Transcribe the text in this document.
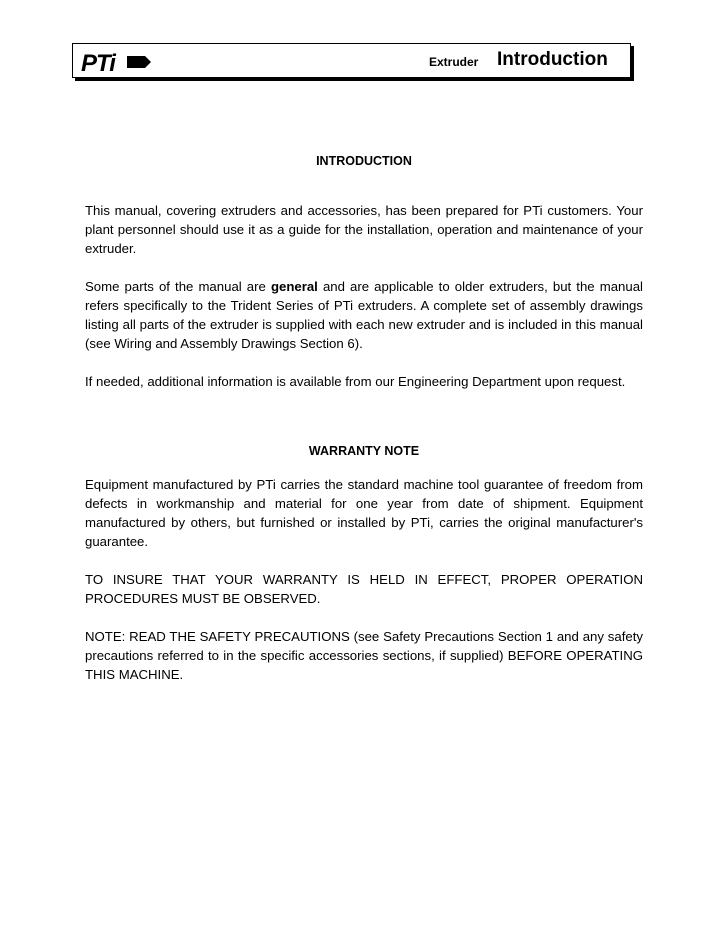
PTi	Extruder Introduction
INTRODUCTION

This manual, covering extruders and accessories, has been prepared for PTi customers. Your plant personnel should use it as a guide for the installation, operation and maintenance of your extruder.

Some parts of the manual are general and are applicable to older extruders, but the manual refers specifically to the Trident Series of PTi extruders. A complete set of assembly drawings listing all parts of the extruder is supplied with each new extruder and is included in this manual (see Wiring and Assembly Drawings Section 6).

If needed, additional information is available from our Engineering Department upon request.

WARRANTY NOTE

Equipment manufactured by PTi carries the standard machine tool guarantee of freedom from defects in workmanship and material for one year from date of shipment. Equipment manufactured by others, but furnished or installed by PTi, carries the original manufacturer's guarantee.

TO INSURE THAT YOUR WARRANTY IS HELD IN EFFECT, PROPER OPERATION PROCEDURES MUST BE OBSERVED.

NOTE: READ THE SAFETY PRECAUTIONS (see Safety Precautions Section 1 and any safety precautions referred to in the specific accessories sections, if supplied) BEFORE OPERATING THIS MACHINE.
